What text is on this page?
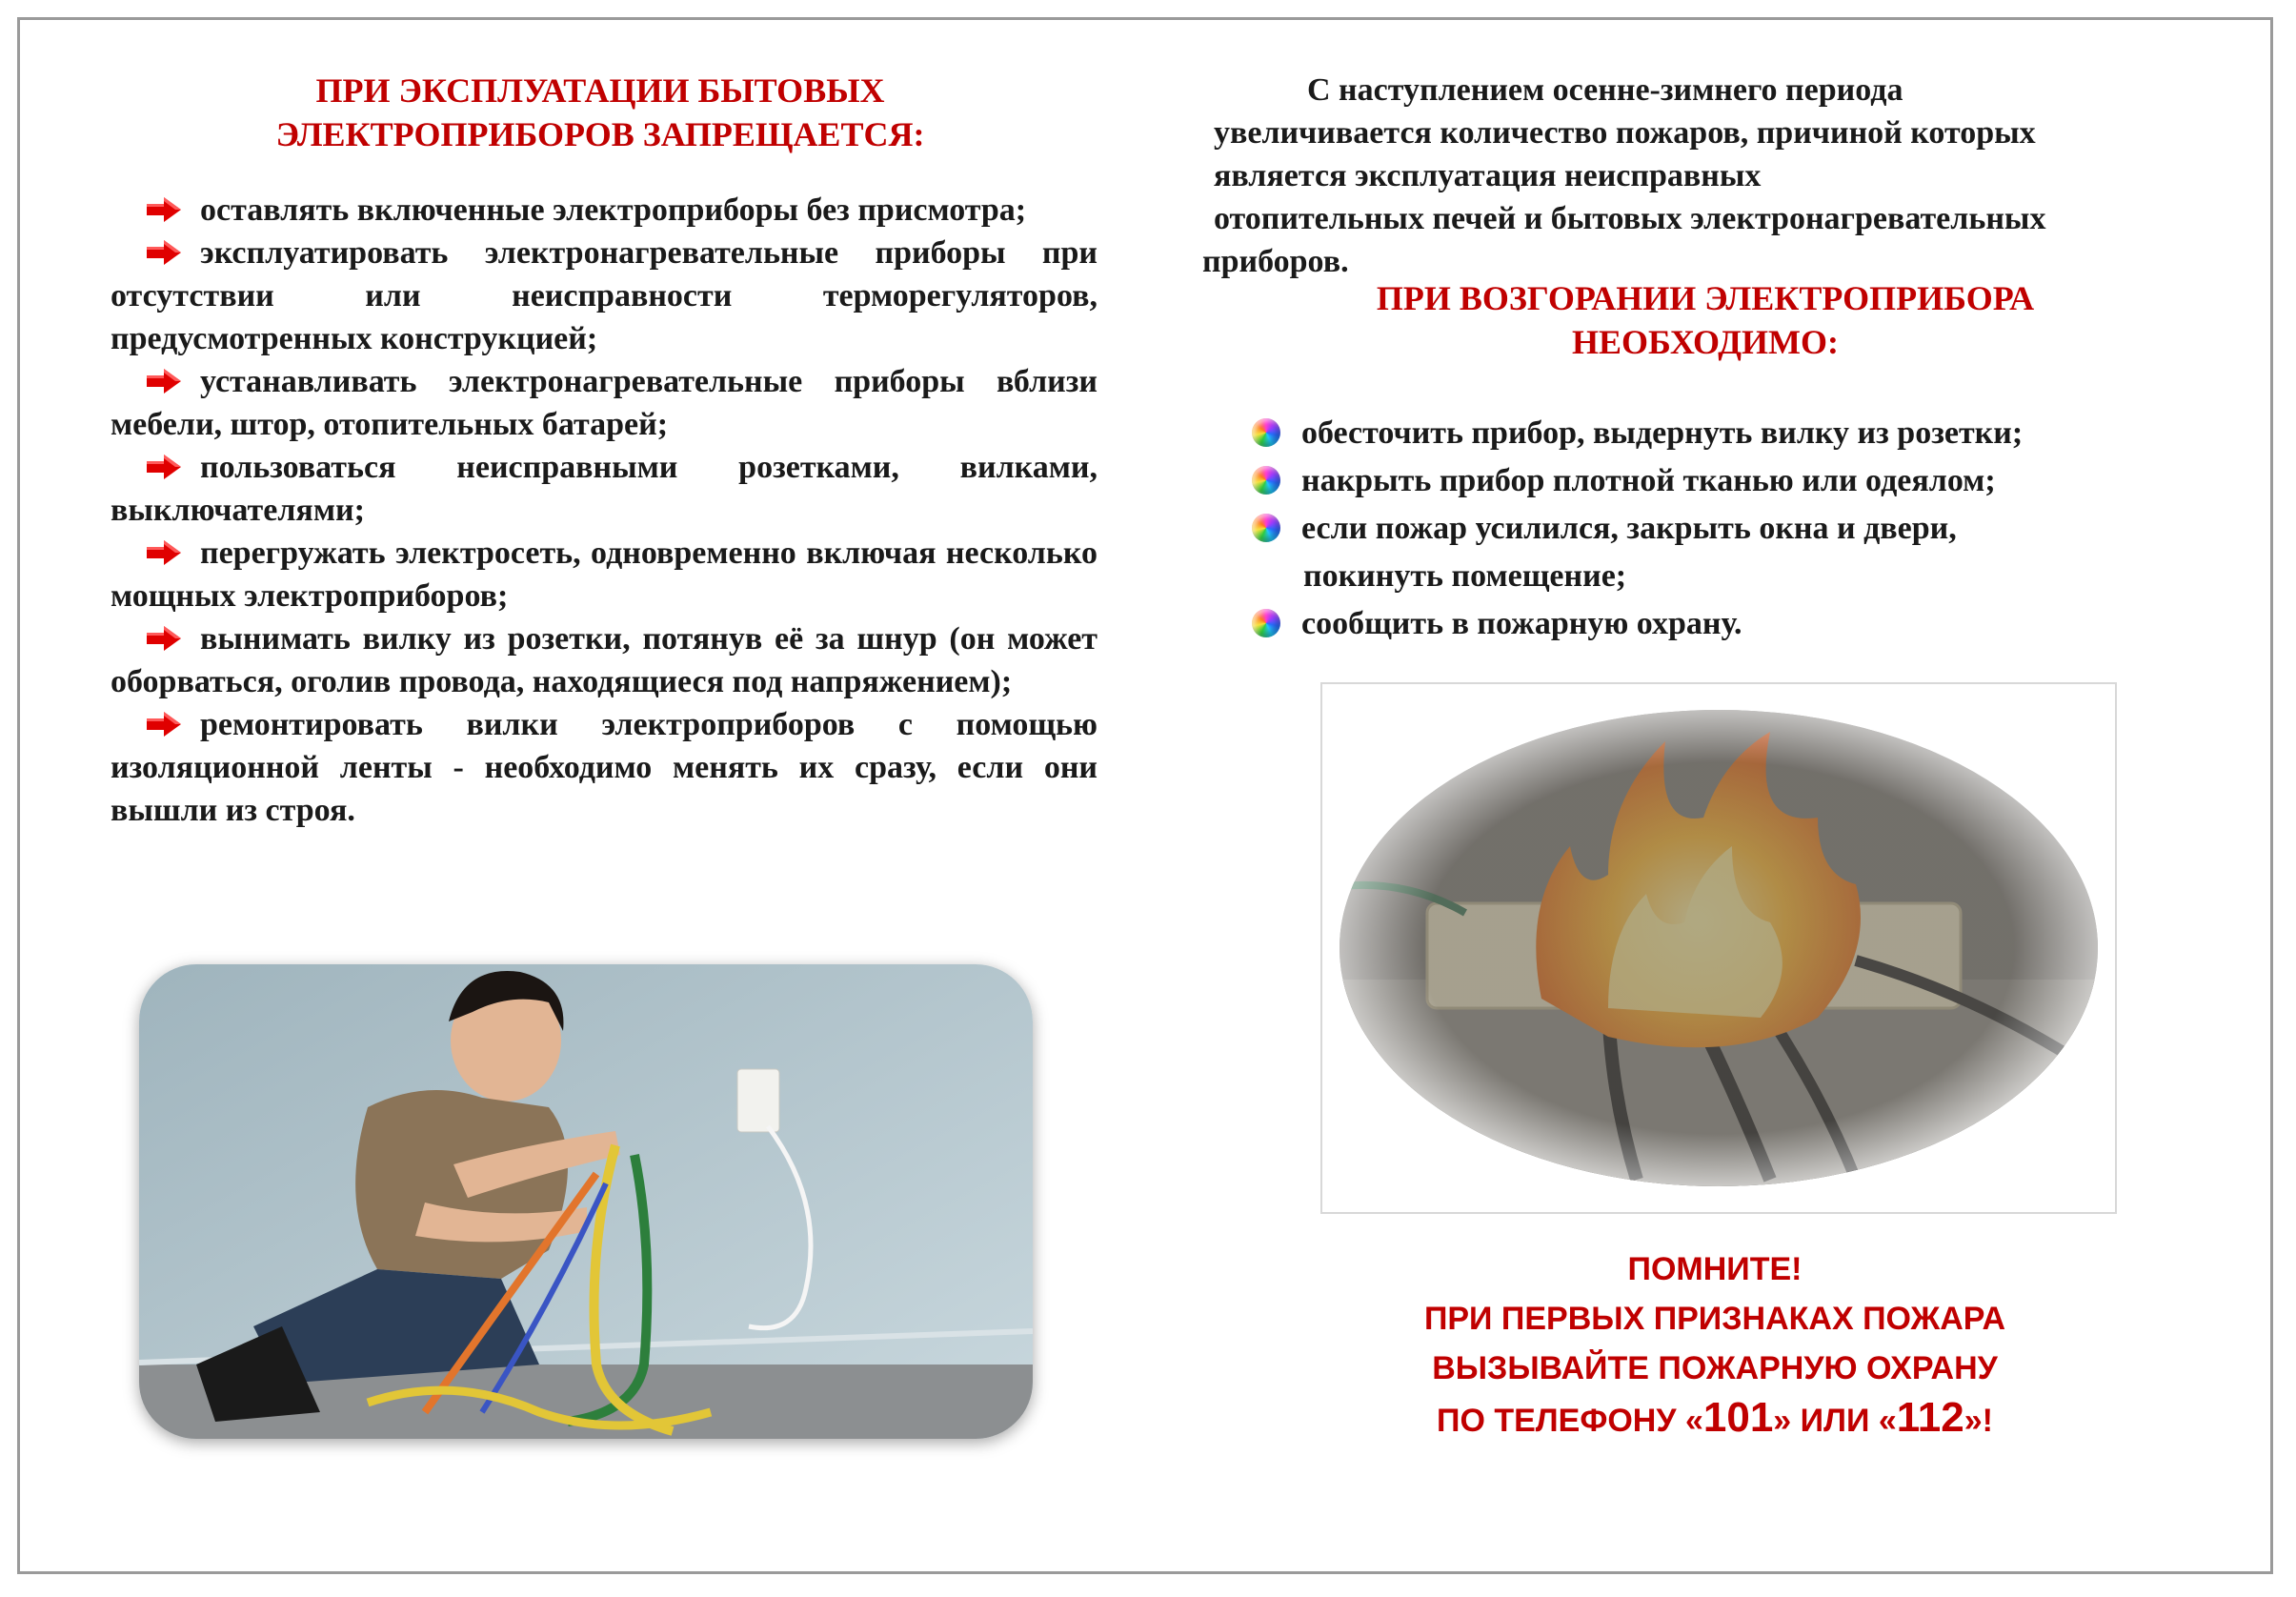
ПРИ ЭКСПЛУАТАЦИИ БЫТОВЫХ
ЭЛЕКТРОПРИБОРОВ ЗАПРЕЩАЕТСЯ:

оставлять включенные электроприборы без присмотра;

эксплуатировать электронагревательные приборы при отсутствии или неисправности терморегуляторов, предусмотренных конструкцией;

устанавливать электронагревательные приборы вблизи мебели, штор, отопительных батарей;

пользоваться неисправными розетками, вилками, выключателями;

перегружать электросеть, одновременно включая несколько мощных электроприборов;

вынимать вилку из розетки, потянув её за шнур (он может оборваться, оголив провода, находящиеся под напряжением);

ремонтировать вилки электроприборов с помощью изоляционной ленты - необходимо менять их сразу, если они вышли из строя.

С наступлением осенне-зимнего периода

увеличивается количество пожаров, причиной которых

является эксплуатация неисправных

отопительных печей и бытовых электронагревательных

приборов.

ПРИ ВОЗГОРАНИИ ЭЛЕКТРОПРИБОРА
НЕОБХОДИМО:

обесточить прибор, выдернуть вилку из розетки;

накрыть прибор плотной тканью или одеялом;

если пожар усилился, закрыть окна и двери,

покинуть помещение;

сообщить в пожарную охрану.

ПОМНИТЕ!
ПРИ ПЕРВЫХ ПРИЗНАКАХ ПОЖАРА
ВЫЗЫВАЙТЕ ПОЖАРНУЮ ОХРАНУ
ПО ТЕЛЕФОНУ «101» ИЛИ «112»!
